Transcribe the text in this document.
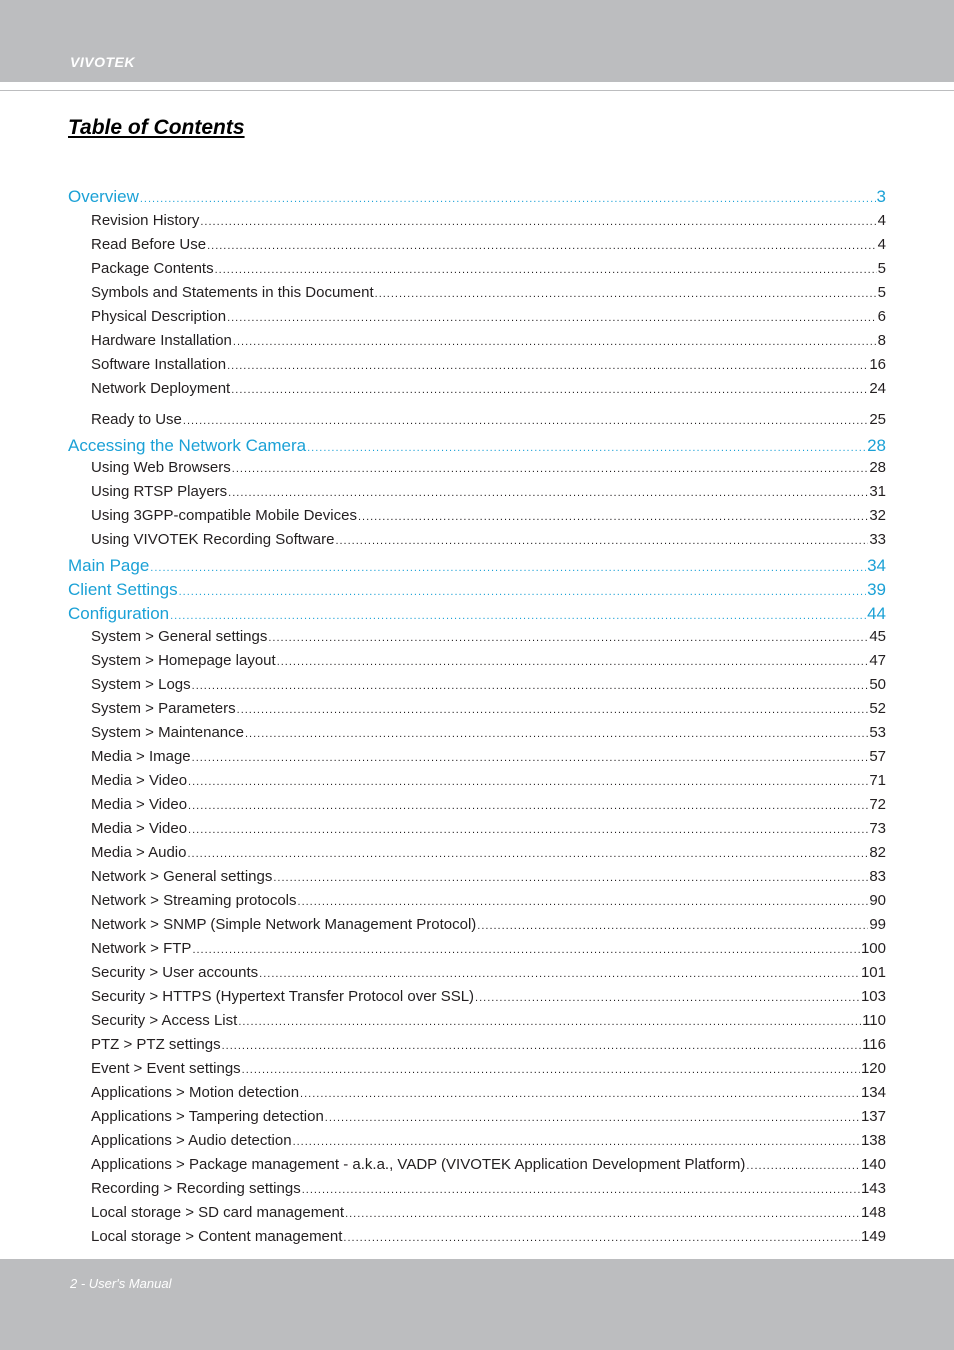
VIVOTEK
Table of Contents
Overview .....	3
Revision History .....	4
Read Before Use .....	4
Package Contents .....	5
Symbols and Statements in this Document .....	5
Physical Description .....	6
Hardware Installation .....	8
Software Installation .....	16
Network Deployment .....	24
Ready to Use .....	25
Accessing the Network Camera .....	28
Using Web Browsers .....	28
Using RTSP Players .....	31
Using 3GPP-compatible Mobile Devices .....	32
Using VIVOTEK Recording Software .....	33
Main Page .....	34
Client Settings .....	39
Configuration .....	44
System > General settings .....	45
System > Homepage layout .....	47
System > Logs .....	50
System > Parameters .....	52
System > Maintenance .....	53
Media > Image .....	57
Media > Video .....	71
Media > Video .....	72
Media > Video .....	73
Media > Audio .....	82
Network > General settings .....	83
Network > Streaming protocols .....	90
Network > SNMP (Simple Network Management Protocol) .....	99
Network > FTP .....	100
Security > User accounts .....	101
Security > HTTPS (Hypertext Transfer Protocol over SSL) .....	103
Security > Access List .....	110
PTZ > PTZ settings .....	116
Event > Event settings .....	120
Applications > Motion detection .....	134
Applications > Tampering detection .....	137
Applications > Audio detection .....	138
Applications > Package management - a.k.a., VADP (VIVOTEK Application Development Platform) .....	140
Recording > Recording settings .....	143
Local storage > SD card management .....	148
Local storage > Content management .....	149
2 - User's Manual
